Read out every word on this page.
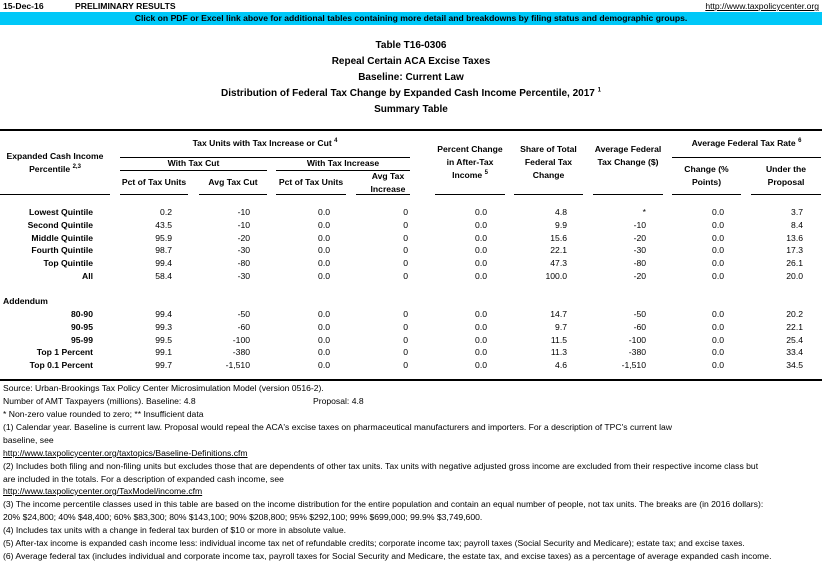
15-Dec-16	PRELIMINARY RESULTS	http://www.taxpolicycenter.org
Click on PDF or Excel link above for additional tables containing more detail and breakdowns by filing status and demographic groups.
Table T16-0306
Repeal Certain ACA Excise Taxes
Baseline: Current Law
Distribution of Federal Tax Change by Expanded Cash Income Percentile, 2017 $^1$
Summary Table
Expanded Cash Income Percentile $^{2,3}$
Tax Units with Tax Increase or Cut $^4$
With Tax Cut	With Tax Increase
Pct of Tax Units	Avg Tax Cut	Pct of Tax Units
Avg Tax Increase
Percent Change in After-Tax Income $^5$
Share of Total Federal Tax Change
Average Federal Tax Change ($)
Average Federal Tax Rate $^6$
Change (% Points)
Under the Proposal
Lowest Quintile	0.2	-10	0.0	0	0.0	4.8	*	0.0	3.7
Second Quintile	43.5	-10	0.0	0	0.0	9.9	-10	0.0	8.4
Middle Quintile	95.9	-20	0.0	0	0.0	15.6	-20	0.0	13.6
Fourth Quintile	98.7	-30	0.0	0	0.0	22.1	-30	0.0	17.3
Top Quintile	99.4	-80	0.0	0	0.0	47.3	-80	0.0	26.1
All	58.4	-30	0.0	0	0.0	100.0	-20	0.0	20.0
80-90	99.4	-50	0.0	0	0.0	14.7	-50	0.0	20.2
90-95	99.3	-60	0.0	0	0.0	9.7	-60	0.0	22.1
95-99	99.5	-100	0.0	0	0.0	11.5	-100	0.0	25.4
Top 1 Percent	99.1	-380	0.0	0	0.0	11.3	-380	0.0	33.4
Top 0.1 Percent	99.7	-1,510	0.0	0	0.0	4.6	-1,510	0.0	34.5
Addendum
Source: Urban-Brookings Tax Policy Center Microsimulation Model (version 0516-2).
Number of AMT Taxpayers (millions). Baseline: 4.8	Proposal: 4.8
* Non-zero value rounded to zero; ** Insufficient data
(1) Calendar year. Baseline is current law. Proposal would repeal the ACA's excise taxes on pharmaceutical manufacturers and importers. For a description of TPC's current law
baseline, see
http://www.taxpolicycenter.org/taxtopics/Baseline-Definitions.cfm
(2) Includes both filing and non-filing units but excludes those that are dependents of other tax units. Tax units with negative adjusted gross income are excluded from their respective income class but
are included in the totals. For a description of expanded cash income, see
http://www.taxpolicycenter.org/TaxModel/income.cfm
(3) The income percentile classes used in this table are based on the income distribution for the entire population and contain an equal number of people, not tax units. The breaks are (in 2016 dollars):
20% $24,800; 40% $48,400; 60% $83,300; 80% $143,100; 90% $208,800; 95% $292,100; 99% $699,000; 99.9% $3,749,600.
(4) Includes tax units with a change in federal tax burden of $10 or more in absolute value.
(5) After-tax income is expanded cash income less: individual income tax net of refundable credits; corporate income tax; payroll taxes (Social Security and Medicare); estate tax; and excise taxes.
(6) Average federal tax (includes individual and corporate income tax, payroll taxes for Social Security and Medicare, the estate tax, and excise taxes) as a percentage of average expanded cash income.
